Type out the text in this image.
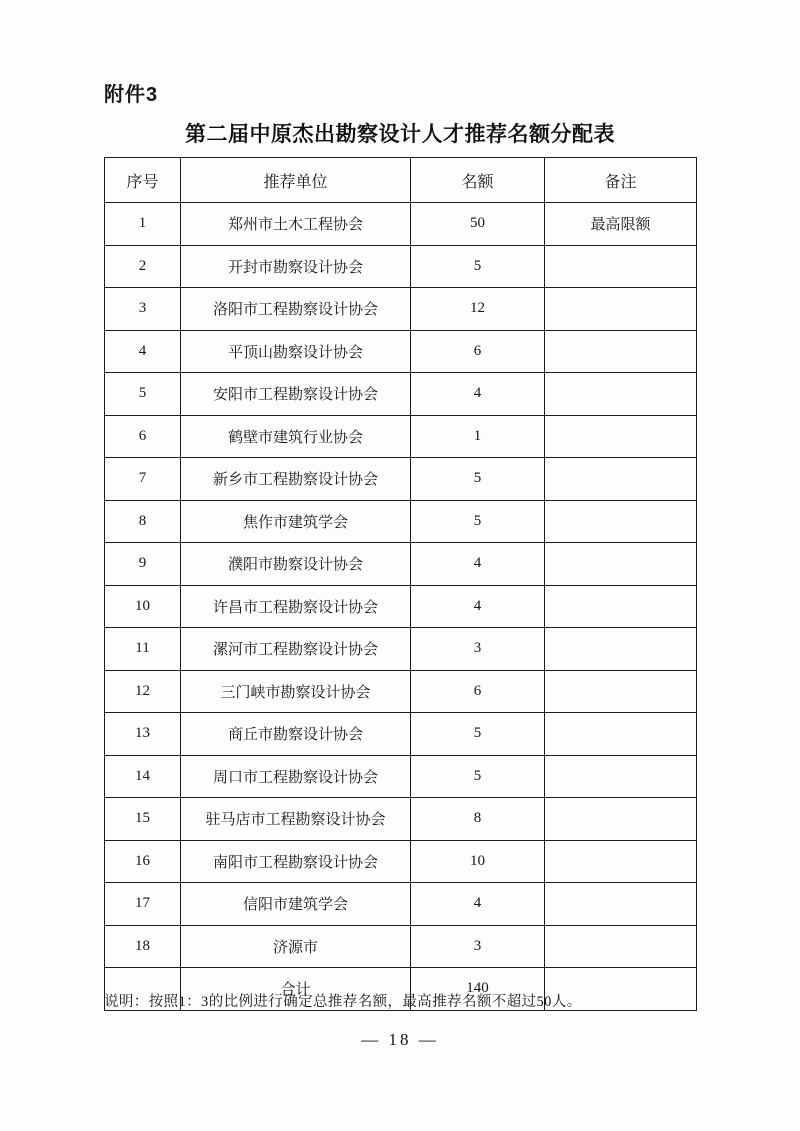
附件3
第二届中原杰出勘察设计人才推荐名额分配表
序号	推荐单位	名额	备注
1	郑州市土木工程协会	50	最高限额
2	开封市勘察设计协会	5	
3	洛阳市工程勘察设计协会	12	
4	平顶山勘察设计协会	6	
5	安阳市工程勘察设计协会	4	
6	鹤壁市建筑行业协会	1	
7	新乡市工程勘察设计协会	5	
8	焦作市建筑学会	5	
9	濮阳市勘察设计协会	4	
10	许昌市工程勘察设计协会	4	
11	漯河市工程勘察设计协会	3	
12	三门峡市勘察设计协会	6	
13	商丘市勘察设计协会	5	
14	周口市工程勘察设计协会	5	
15	驻马店市工程勘察设计协会	8	
16	南阳市工程勘察设计协会	10	
17	信阳市建筑学会	4	
18	济源市	3	
	合计	140	
说明：按照1：3的比例进行确定总推荐名额，最高推荐名额不超过50人。
— 18 —
